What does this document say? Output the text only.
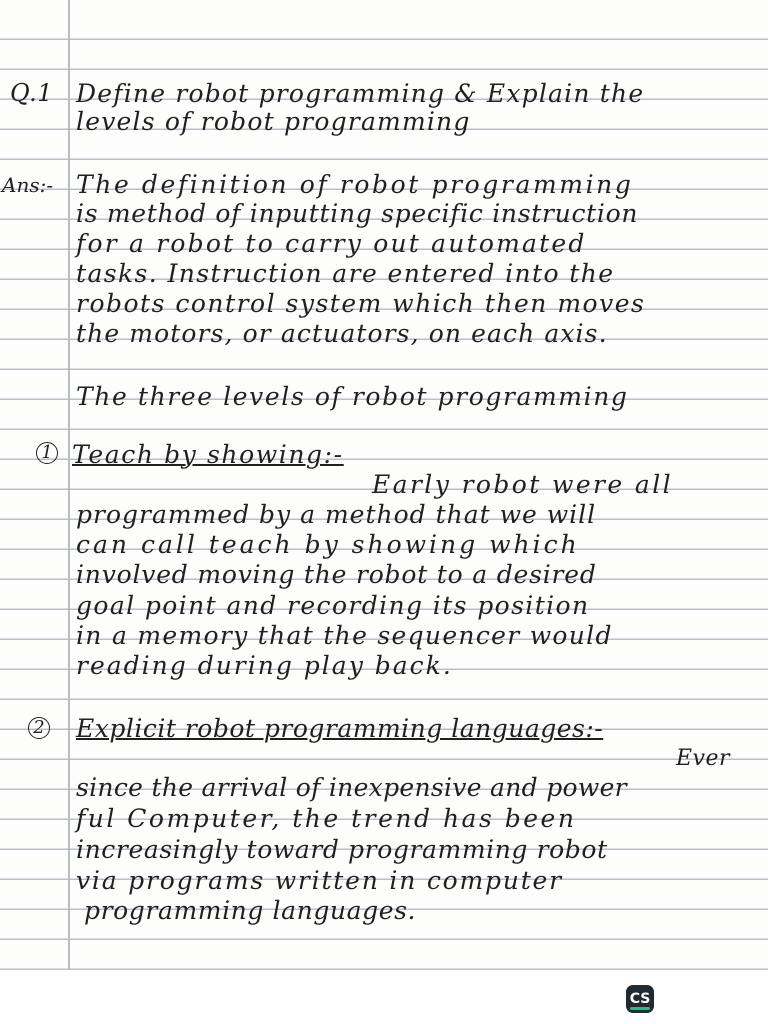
Q.1 Define robot programming & Explain the
levels of robot programming
Ans:- The definition of robot programming
is method of inputting specific instruction
for a robot to carry out automated
tasks. Instruction are entered into the
robots control system which then moves
the motors, or actuators, on each axis.
The three levels of robot programming
1 Teach by showing:-
Early robot were all
programmed by a method that we will
can call teach by showing which
involved moving the robot to a desired
goal point and recording its position
in a memory that the sequencer would
reading during play back.
2 Explicit robot programming languages:-
Ever
since the arrival of inexpensive and power
ful Computer, the trend has been
increasingly toward programming robot
via programs written in computer
programming languages.
CS
